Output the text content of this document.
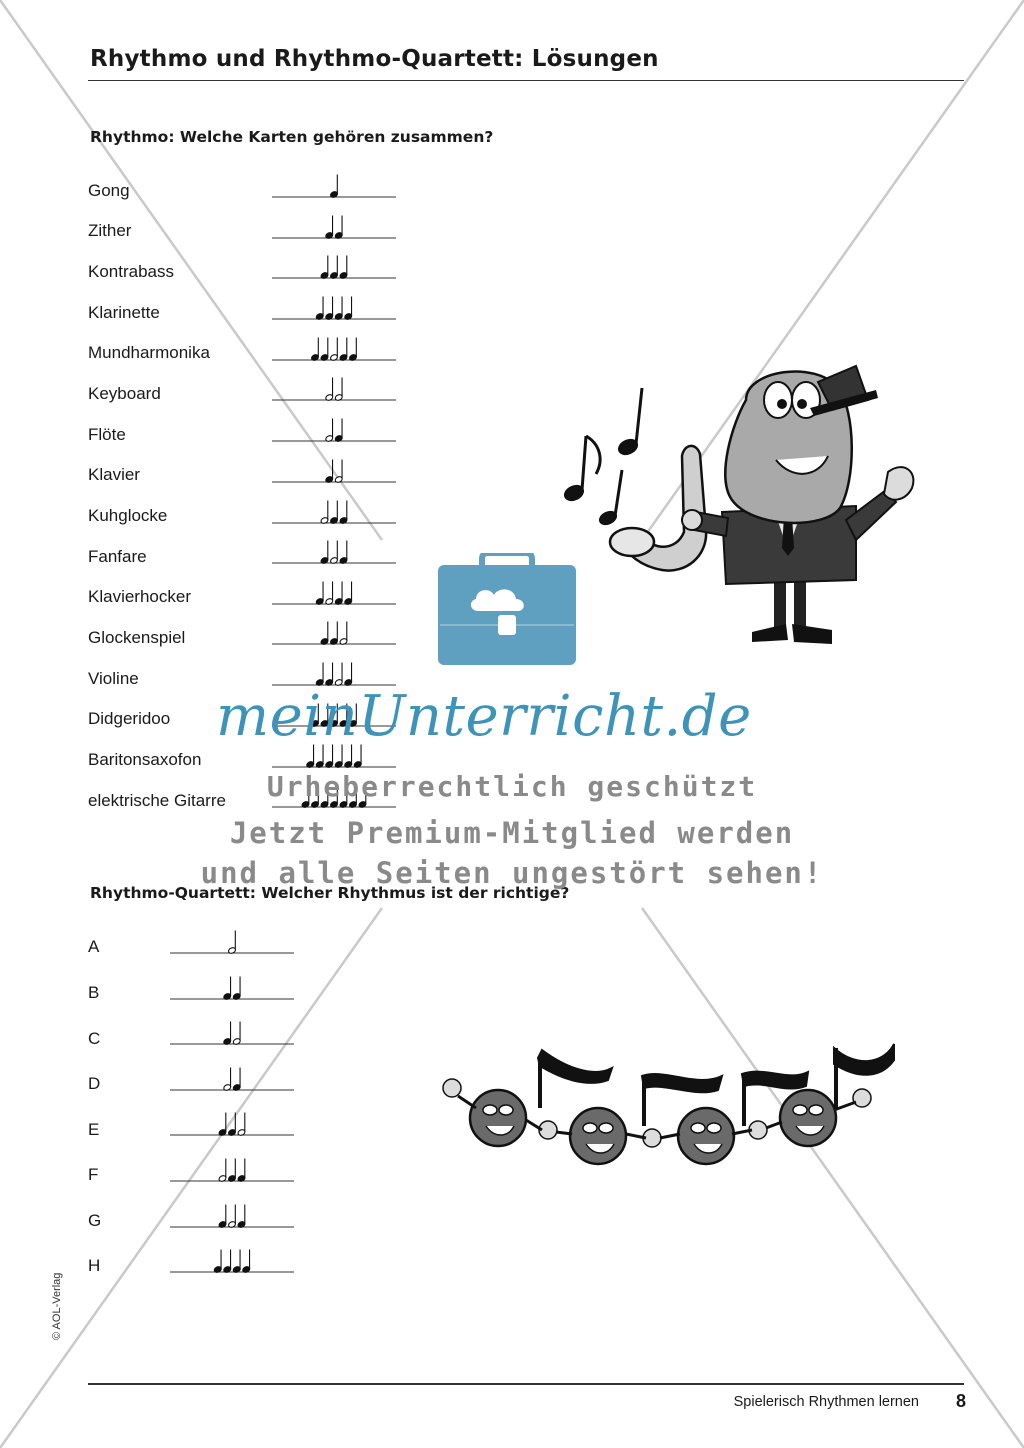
Rhythmo und Rhythmo-Quartett: Lösungen
Rhythmo: Welche Karten gehören zusammen?
Gong
Zither
Kontrabass
Klarinette
Mundharmonika
Keyboard
Flöte
Klavier
Kuhglocke
Fanfare
Klavierhocker
Glockenspiel
Violine
Didgeridoo
Baritonsaxofon
elektrische Gitarre
Rhythmo-Quartett: Welcher Rhythmus ist der richtige?
A
B
C
D
E
F
G
H
meinUnterricht.de
Urheberrechtlich geschützt
Jetzt Premium-Mitglied werden
und alle Seiten ungestört sehen!
Spielerisch Rhythmen lernen 8
© AOL-Verlag
